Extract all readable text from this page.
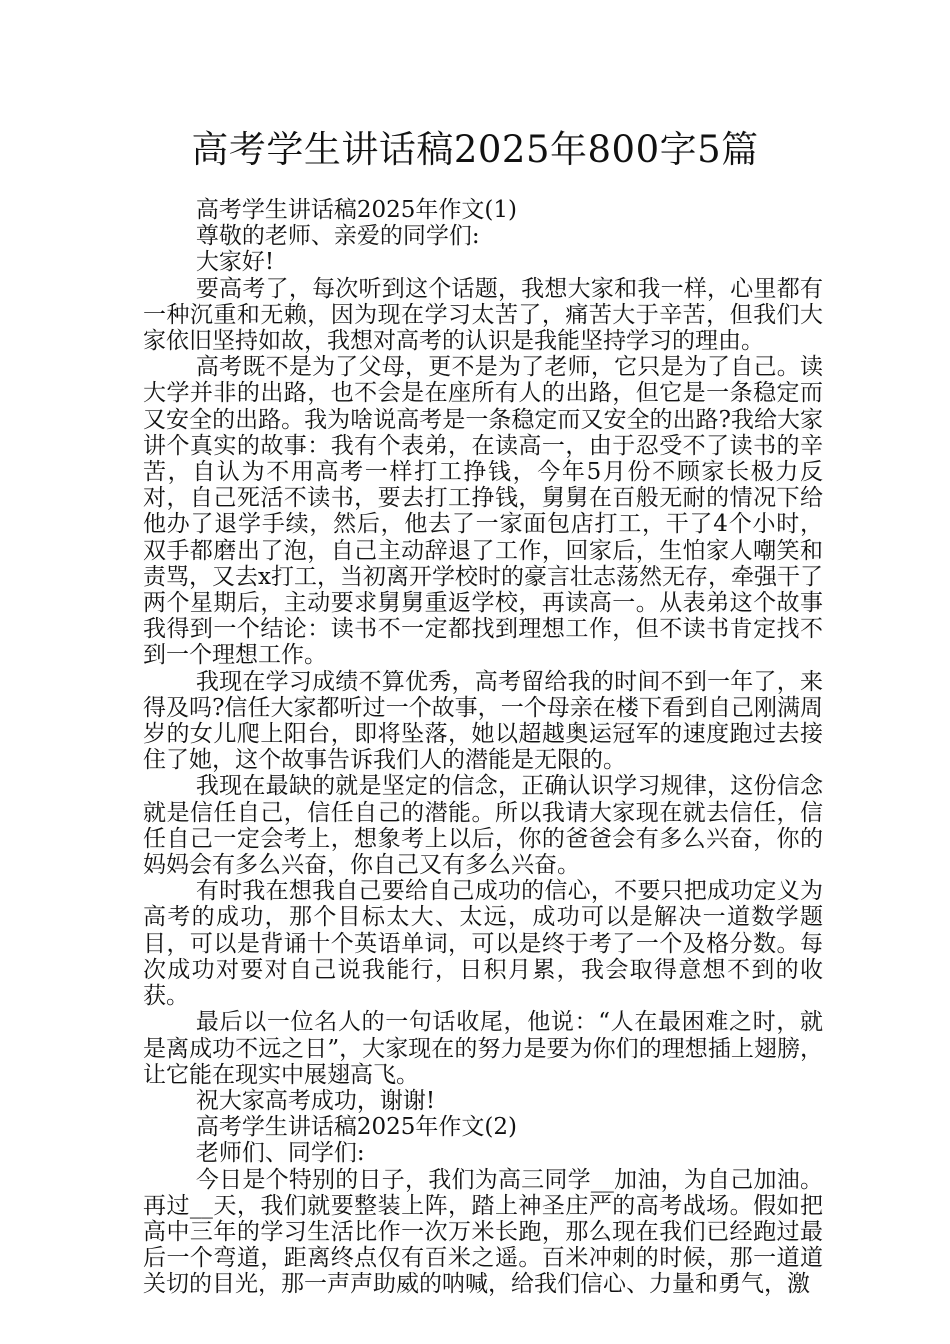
高考学生讲话稿2025年800字5篇

高考学生讲话稿2025年作文(1)

尊敬的老师、亲爱的同学们:

大家好!

要高考了，每次听到这个话题，我想大家和我一样，心里都有一种沉重和无赖，因为现在学习太苦了，痛苦大于辛苦，但我们大家依旧坚持如故，我想对高考的认识是我能坚持学习的理由。

高考既不是为了父母，更不是为了老师，它只是为了自己。读大学并非的出路，也不会是在座所有人的出路，但它是一条稳定而又安全的出路。我为啥说高考是一条稳定而又安全的出路?我给大家讲个真实的故事：我有个表弟，在读高一，由于忍受不了读书的辛苦，自认为不用高考一样打工挣钱，今年5月份不顾家长极力反对，自己死活不读书，要去打工挣钱，舅舅在百般无耐的情况下给他办了退学手续，然后，他去了一家面包店打工，干了4个小时，双手都磨出了泡，自己主动辞退了工作，回家后，生怕家人嘲笑和责骂，又去x打工，当初离开学校时的豪言壮志荡然无存，牵强干了两个星期后，主动要求舅舅重返学校，再读高一。从表弟这个故事我得到一个结论：读书不一定都找到理想工作，但不读书肯定找不到一个理想工作。

我现在学习成绩不算优秀，高考留给我的时间不到一年了，来得及吗?信任大家都听过一个故事，一个母亲在楼下看到自己刚满周岁的女儿爬上阳台，即将坠落，她以超越奥运冠军的速度跑过去接住了她，这个故事告诉我们人的潜能是无限的。

我现在最缺的就是坚定的信念，正确认识学习规律，这份信念就是信任自己，信任自己的潜能。所以我请大家现在就去信任，信任自己一定会考上，想象考上以后，你的爸爸会有多么兴奋，你的妈妈会有多么兴奋，你自己又有多么兴奋。

有时我在想我自己要给自己成功的信心，不要只把成功定义为高考的成功，那个目标太大、太远，成功可以是解决一道数学题目，可以是背诵十个英语单词，可以是终于考了一个及格分数。每次成功对要对自己说我能行，日积月累，我会取得意想不到的收获。

最后以一位名人的一句话收尾，他说：“人在最困难之时，就是离成功不远之日”，大家现在的努力是要为你们的理想插上翅膀，让它能在现实中展翅高飞。

祝大家高考成功，谢谢!

高考学生讲话稿2025年作文(2)

老师们、同学们:

今日是个特别的日子，我们为高三同学__加油，为自己加油。再过__天，我们就要整装上阵，踏上神圣庄严的高考战场。假如把高中三年的学习生活比作一次万米长跑，那么现在我们已经跑过最后一个弯道，距离终点仅有百米之遥。百米冲刺的时候，那一道道关切的目光，那一声声助威的呐喊，给我们信心、力量和勇气，激
